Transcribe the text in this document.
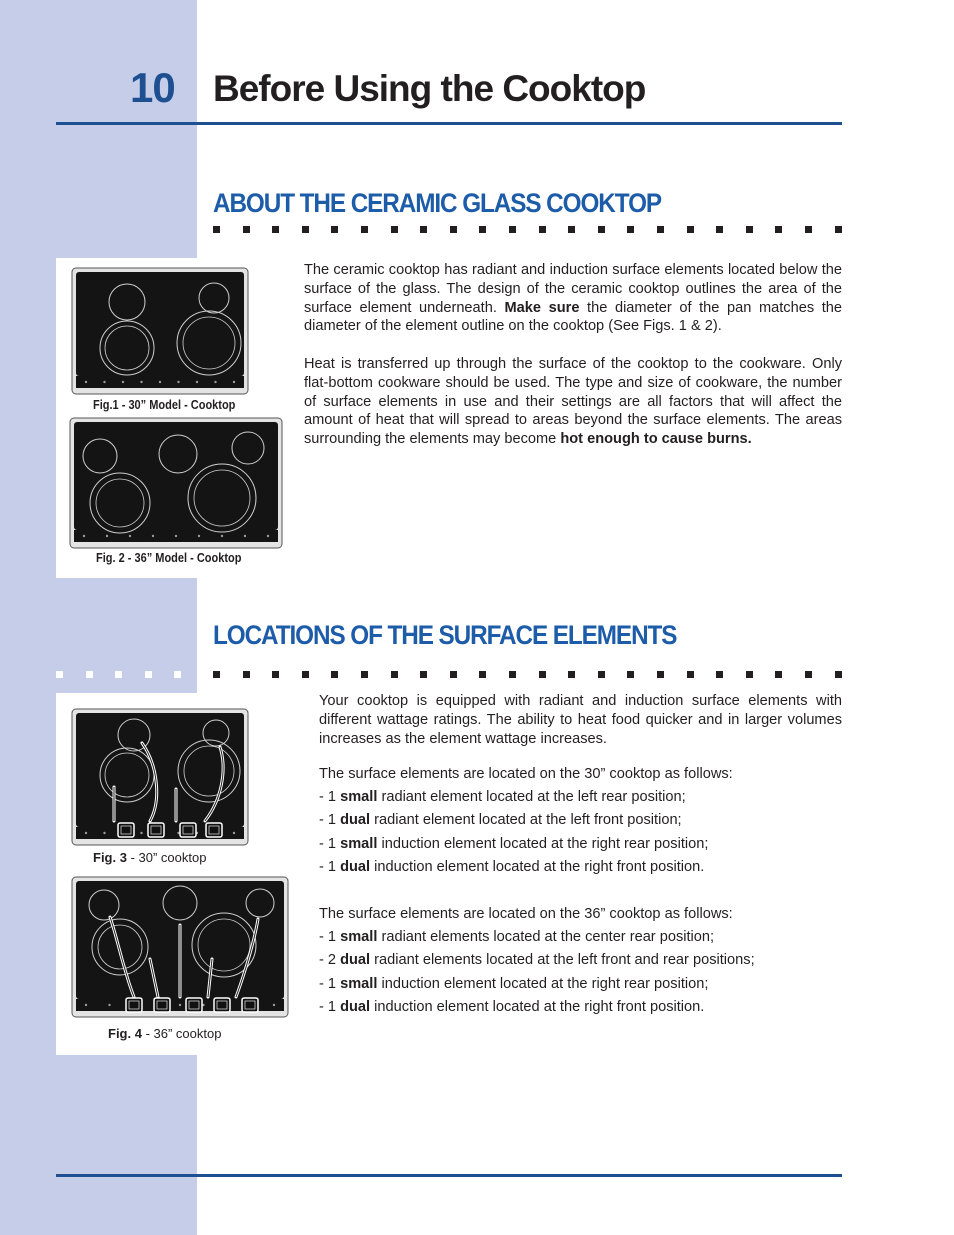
10 Before Using the Cooktop
ABOUT THE CERAMIC GLASS COOKTOP
Fig.1 - 30” Model - Cooktop
Fig. 2 - 36” Model - Cooktop

The ceramic cooktop has radiant and induction surface elements located below the surface of the glass. The design of the ceramic cooktop outlines the area of the surface element underneath. Make sure the diameter of the pan matches the diameter of the element outline on the cooktop (See Figs. 1 & 2).

Heat is transferred up through the surface of the cooktop to the cookware. Only flat-bottom cookware should be used. The type and size of cookware, the number of surface elements in use and their settings are all factors that will affect the amount of heat that will spread to areas beyond the surface elements. The areas surrounding the elements may become hot enough to cause burns.

LOCATIONS OF THE SURFACE ELEMENTS
Fig. 3 - 30” cooktop
Fig. 4 - 36” cooktop
Your cooktop is equipped with radiant and induction surface elements with different wattage ratings. The ability to heat food quicker and in larger volumes increases as the element wattage increases.
The surface elements are located on the 30” cooktop as follows:
- 1 small radiant element located at the left rear position;
- 1 dual radiant element located at the left front position;
- 1 small induction element located at the right rear position;
- 1 dual induction element located at the right front position.
The surface elements are located on the 36” cooktop as follows:
- 1 small radiant elements located at the center rear position;
- 2 dual radiant elements located at the left front and rear positions;
- 1 small induction element located at the right rear position;
- 1 dual induction element located at the right front position.
